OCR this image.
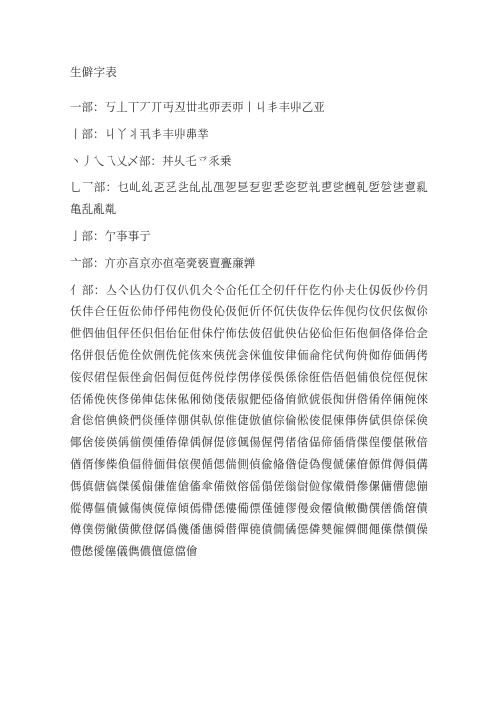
生僻字表
一部：丂丄丅丆丌丏丒丗丠丣丟丣丨丩丯丰丱乙亚
丨部：丩丫丬丮丯丰丱丳丵
丶丿乀乁乂乄部：丼乆乇乊乑乗
乚乛部：乜乢乣乤乥乧乨乩乪乫乬乭乮乯乲乴乵乶乷乸乹乺乻乼乽乿亀乱亂亃
亅部：亇亊事亍
亠部：亣亦亯京亦亱亳亴亵亶亹亷亸
亻部：亼亽亾仂仃仅仈仉仌仒仚仛仜仝仞仟仠仡仢仦仧仩仭仮仯仱仴仸仹仺仼仾伀伂伃伄伅伆伇伈伋伌伒伓伔伕伖伜伝伡伣伨伩伬伭伮伱伳伵伷伹伻伾伿佀佁佂佄佅佇佈佉佊佋佌佒佔佖佡佢佦佨佪佫佭佮佱佲併佷佸佹佺佽侀侁侂侅來侇侊侌侎侐侒侓侕侖侘侙侚侜侞侟価侢侤侫侭侰侱侲侳侴侶侷侸侹侺侻侼侽侾俀俁係俆俇俈俉俋俌俍俒俓俔俕俖俙俛俠俢俤俥俧俫俬俰俲俴俵俶俷俹俻俼俽俿倀倁倂倃倄倅倆倇倈倉倊倌倎倐們倓倕倖倗倛倝倞倠倢倣値倧倫倯倰倱倲倳倴倵倶倷倸倹倻倽倿偀偁偂偄偅偆偉偊偋偍偐偑偒偓偔偖偗偘偙偛偝偞偟偠偡偢偣偤偦偧偨偩偪偫偭偮偯偰偱偲偳側偵偸偹偺偼偽傁傂傃傄傆傇傉傊傋傌傎傏傐傑傒傓傔傕傖傗傘備傚傛傜傝傞傟傠傡傢傤傦傪傫傭傮傯傰傱傳傴債傶傷傸傹傽傾傿僀僁僂僃僄僅僆僇僈僉僊僋僌働僎僐僑僒僓僔僕僗僘僙僛僜僝僞僟僠僡僢僣僤僥僨僩僪僫僯僰僱僲僴僶僷僸價僺僼僽僾僿儀儁儂儃億儅儈
